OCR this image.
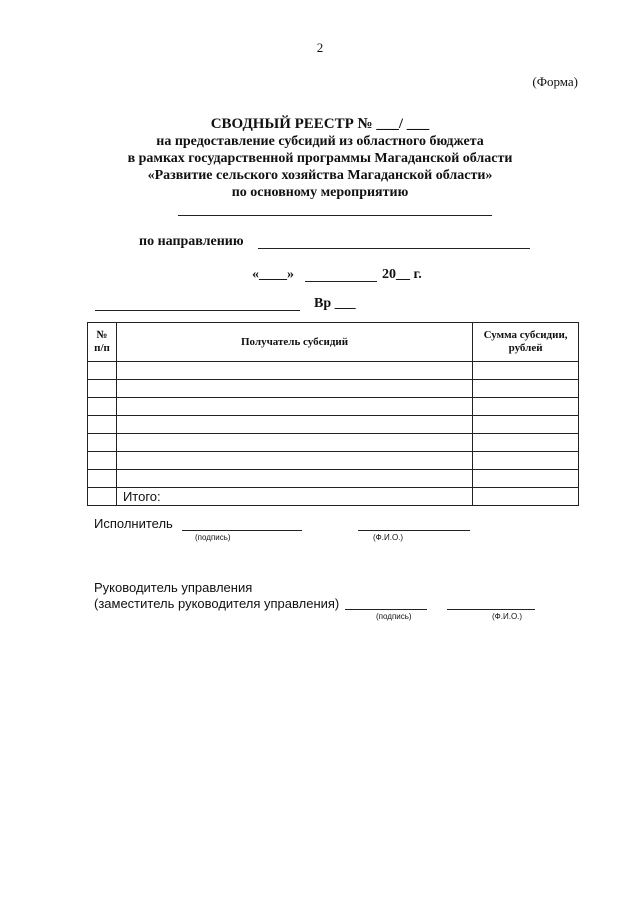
2
(Форма)
СВОДНЫЙ РЕЕСТР № ___/ ___
на предоставление субсидий из областного бюджета
в рамках государственной программы Магаданской области
«Развитие сельского хозяйства Магаданской области»
по основному мероприятию
по направлению
«____»	20__ г.
Вр ___
№
п/п	Получатель субсидий	Сумма субсидии, рублей

	Итого:	
Исполнитель
(подпись)	(Ф.И.О.)
Руководитель управления
(заместитель руководителя управления)
(подпись)	(Ф.И.О.)
